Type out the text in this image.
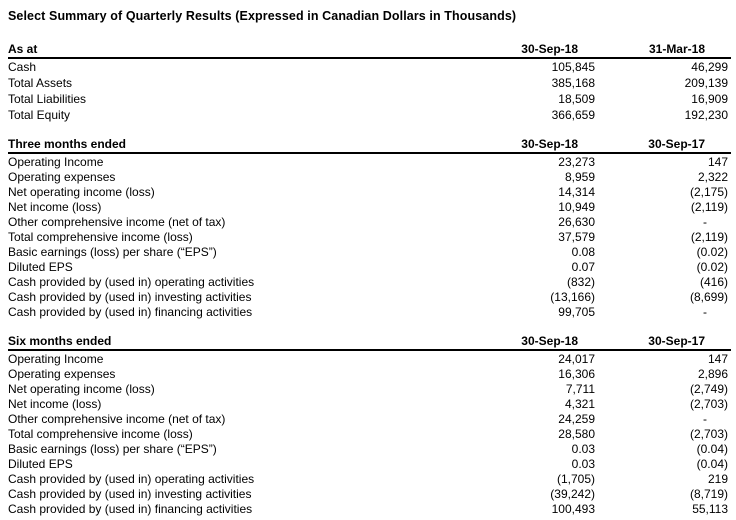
Select Summary of Quarterly Results (Expressed in Canadian Dollars in Thousands)
As at	30-Sep-18	31-Mar-18
Cash	105,845	46,299
Total Assets	385,168	209,139
Total Liabilities	18,509	16,909
Total Equity	366,659	192,230
Three months ended	30-Sep-18	30-Sep-17
Operating Income	23,273	147
Operating expenses	8,959	2,322
Net operating income (loss)	14,314	(2,175)
Net income (loss)	10,949	(2,119)
Other comprehensive income (net of tax)	26,630	-
Total comprehensive income (loss)	37,579	(2,119)
Basic earnings (loss) per share (“EPS”)	0.08	(0.02)
Diluted EPS	0.07	(0.02)
Cash provided by (used in) operating activities	(832)	(416)
Cash provided by (used in) investing activities	(13,166)	(8,699)
Cash provided by (used in) financing activities	99,705	-
Six months ended	30-Sep-18	30-Sep-17
Operating Income	24,017	147
Operating expenses	16,306	2,896
Net operating income (loss)	7,711	(2,749)
Net income (loss)	4,321	(2,703)
Other comprehensive income (net of tax)	24,259	-
Total comprehensive income (loss)	28,580	(2,703)
Basic earnings (loss) per share (“EPS”)	0.03	(0.04)
Diluted EPS	0.03	(0.04)
Cash provided by (used in) operating activities	(1,705)	219
Cash provided by (used in) investing activities	(39,242)	(8,719)
Cash provided by (used in) financing activities	100,493	55,113
